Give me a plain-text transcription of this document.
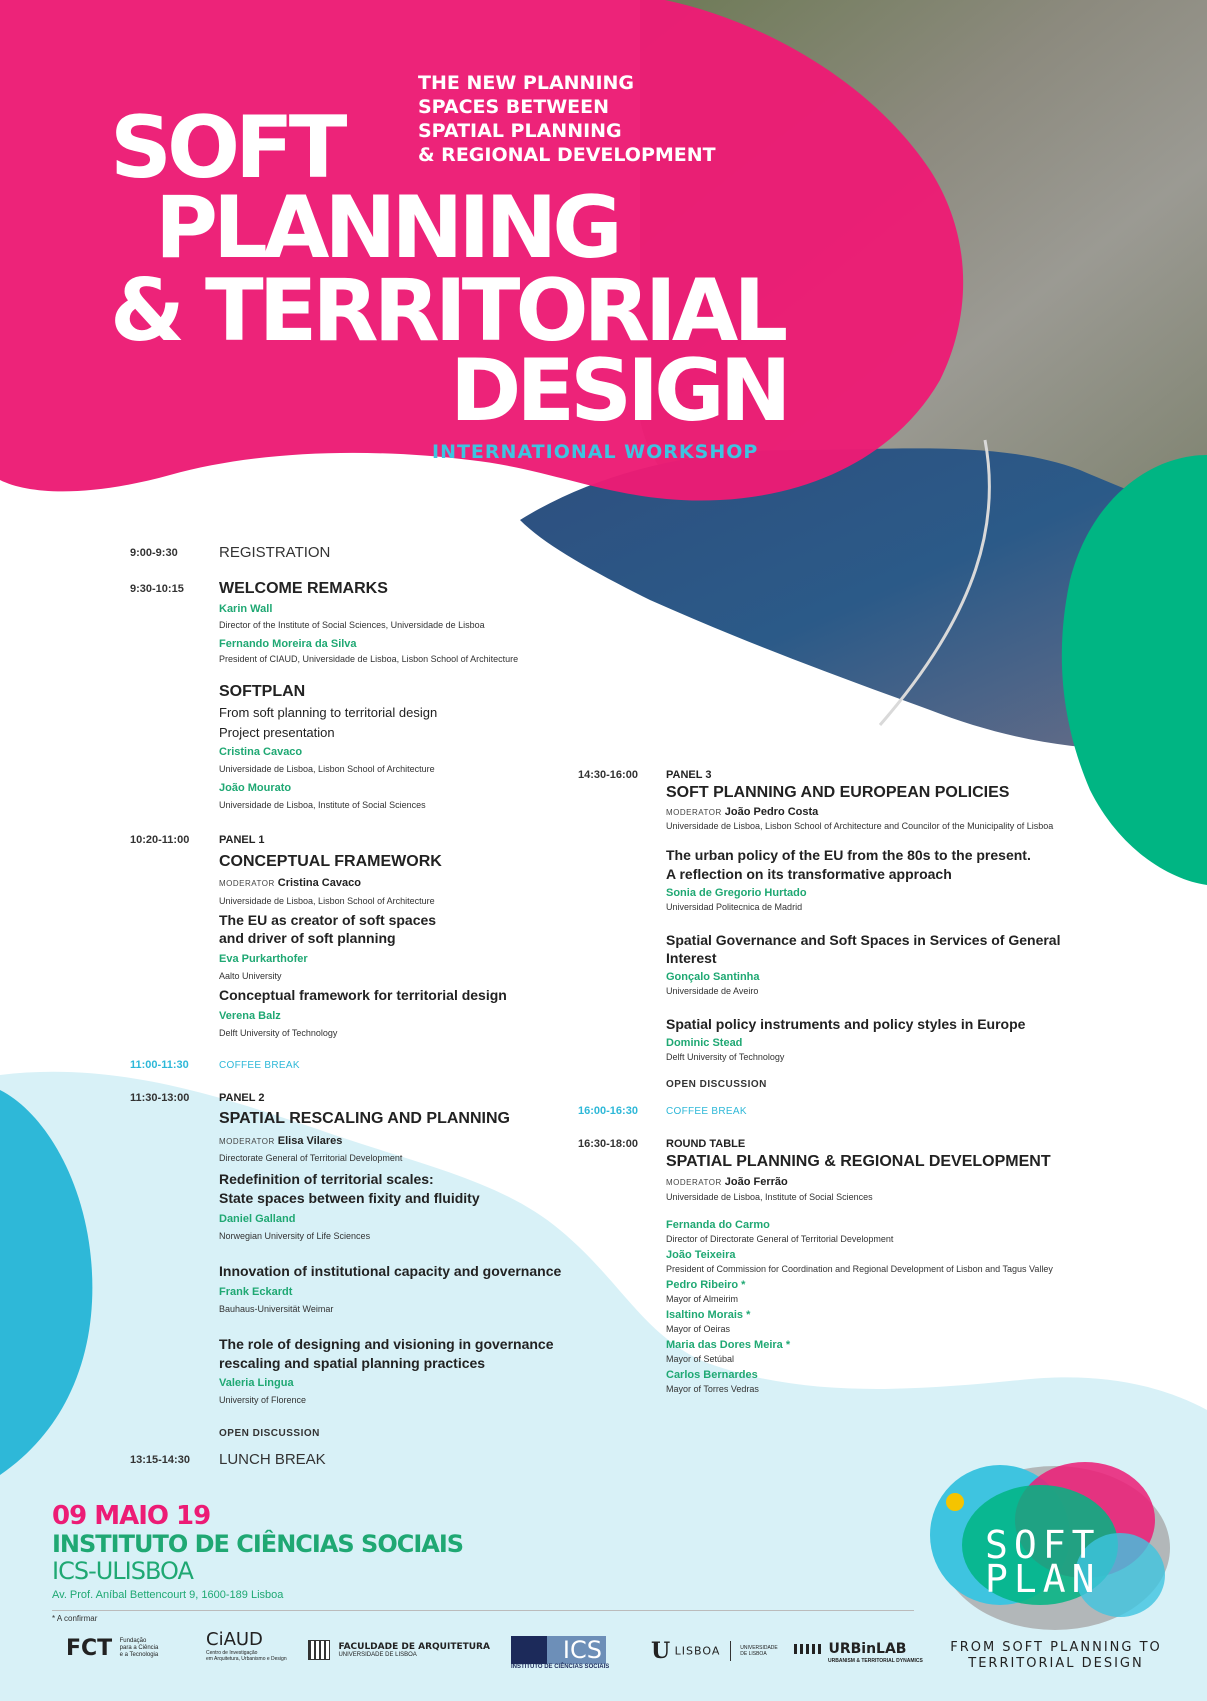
THE NEW PLANNING
SPACES BETWEEN
SPATIAL PLANNING
& REGIONAL DEVELOPMENT
SOFT
PLANNING
& TERRITORIAL
DESIGN
INTERNATIONAL WORKSHOP
9:00-9:30	REGISTRATION
9:30-10:15 WELCOME REMARKS
Karin Wall
Director of the Institute of Social Sciences, Universidade de Lisboa
Fernando Moreira da Silva
President of CIAUD, Universidade de Lisboa, Lisbon School of Architecture
SOFTPLAN
From soft planning to territorial design
Project presentation
Cristina Cavaco
Universidade de Lisboa, Lisbon School of Architecture
João Mourato
Universidade de Lisboa, Institute of Social Sciences
10:20-11:00	PANEL 1
CONCEPTUAL FRAMEWORK
MODERATOR Cristina Cavaco
Universidade de Lisboa, Lisbon School of Architecture
The EU as creator of soft spaces
and driver of soft planning
Eva Purkarthofer
Aalto University
Conceptual framework for territorial design
Verena Balz
Delft University of Technology
11:00-11:30	COFFEE BREAK
11:30-13:00	PANEL 2
SPATIAL RESCALING AND PLANNING
MODERATOR Elisa Vilares
Directorate General of Territorial Development
Redefinition of territorial scales:
State spaces between fixity and fluidity
Daniel Galland
Norwegian University of Life Sciences
Innovation of institutional capacity and governance
Frank Eckardt
Bauhaus-Universität Weimar
The role of designing and visioning in governance
rescaling and spatial planning practices
Valeria Lingua
University of Florence
OPEN DISCUSSION
13:15-14:30 LUNCH BREAK
14:30-16:00	PANEL 3
SOFT PLANNING AND EUROPEAN POLICIES
MODERATOR João Pedro Costa
Universidade de Lisboa, Lisbon School of Architecture and Councilor of the Municipality of Lisboa
The urban policy of the EU from the 80s to the present.
A reflection on its transformative approach
Sonia de Gregorio Hurtado
Universidad Politecnica de Madrid
Spatial Governance and Soft Spaces in Services of General
Interest
Gonçalo Santinha
Universidade de Aveiro
Spatial policy instruments and policy styles in Europe
Dominic Stead
Delft University of Technology
OPEN DISCUSSION
16:00-16:30	COFFEE BREAK
16:30-18:00	ROUND TABLE
SPATIAL PLANNING & REGIONAL DEVELOPMENT
MODERATOR João Ferrão
Universidade de Lisboa, Institute of Social Sciences
Fernanda do Carmo
Director of Directorate General of Territorial Development
João Teixeira
President of Commission for Coordination and Regional Development of Lisbon and Tagus Valley
Pedro Ribeiro *
Mayor of Almeirim
Isaltino Morais *
Mayor of Oeiras
Maria das Dores Meira *
Mayor of Setúbal
Carlos Bernardes
Mayor of Torres Vedras
09 MAIO 19
INSTITUTO DE CIÊNCIAS SOCIAIS
ICS-ULISBOA
Av. Prof. Aníbal Bettencourt 9, 1600-189 Lisboa
* A confirmar
FCT Fundação
para a Ciência
e a Tecnologia
CiAUD
Centro de Investigação
em Arquitetura, Urbanismo e Design

FACULDADE DE ARQUITETURA
UNIVERSIDADE DE LISBOA	ICS
INSTITUTO DE CIÊNCIAS SOCIAIS
U LISBOA	UNIVERSIDADE
DE LISBOA	URBinLAB
URBANISM & TERRITORIAL DYNAMICS
SOFT
PLAN
FROM SOFT PLANNING TO
TERRITORIAL DESIGN
